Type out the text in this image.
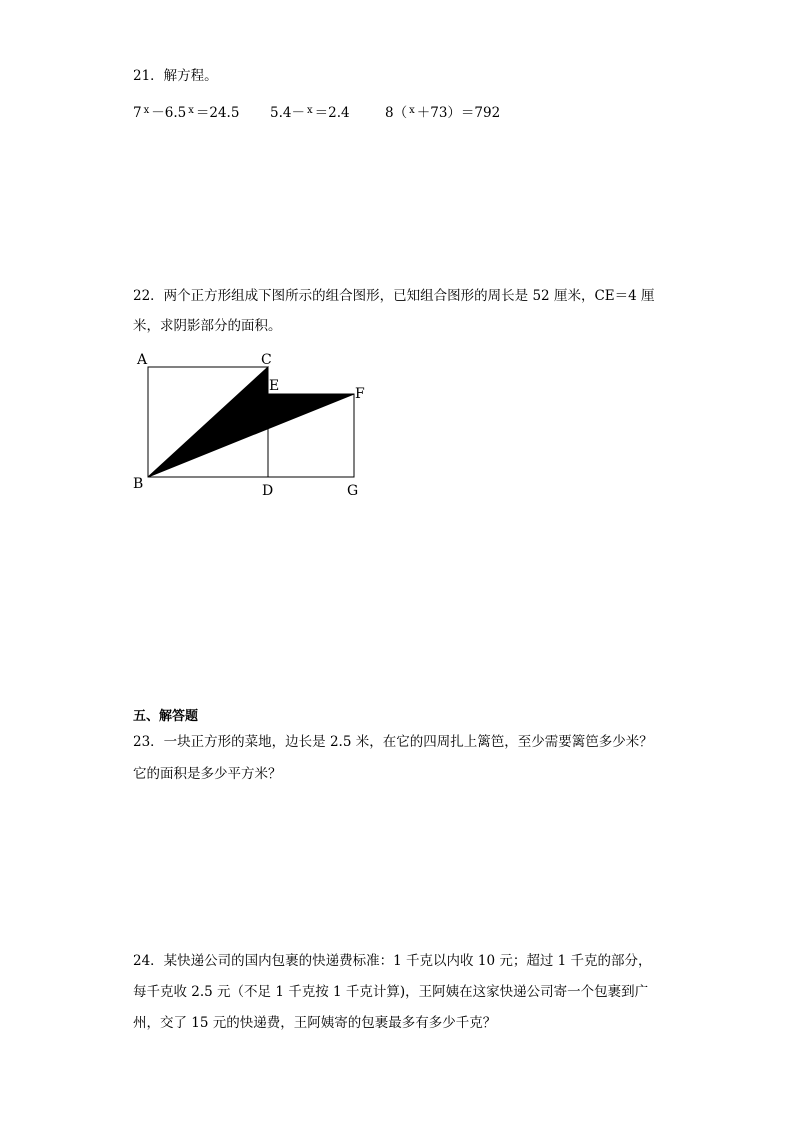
21．解方程。
7 $^x$ －6.5 $^x$ ＝24.5 5.4－ $^x$ ＝2.4	8（ $^x$ ＋73）＝792
22．两个正方形组成下图所示的组合图形，已知组合图形的周长是 52 厘米，CE＝4 厘
米，求阴影部分的面积。
A	C
E	F
B	D	G
五、解答题
23．一块正方形的菜地，边长是 2.5 米，在它的四周扎上篱笆，至少需要篱笆多少米？
它的面积是多少平方米？
24．某快递公司的国内包裹的快递费标准：1 千克以内收 10 元；超过 1 千克的部分，
每千克收 2.5 元（不足 1 千克按 1 千克计算)，王阿姨在这家快递公司寄一个包裹到广
州，交了 15 元的快递费，王阿姨寄的包裹最多有多少千克？
